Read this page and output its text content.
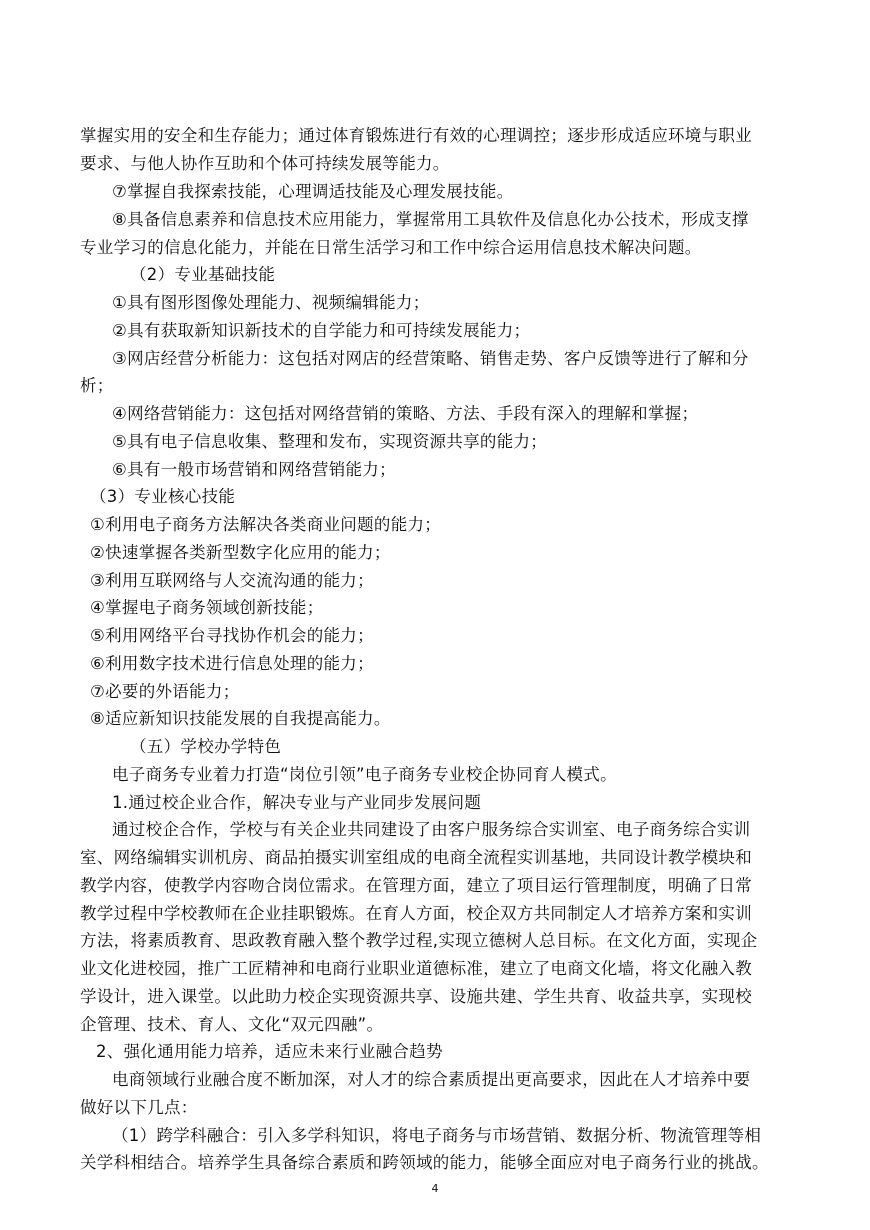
掌握实用的安全和生存能力；通过体育锻炼进行有效的心理调控；逐步形成适应环境与职业
要求、与他人协作互助和个体可持续发展等能力。
⑦掌握自我探索技能，心理调适技能及心理发展技能。
⑧具备信息素养和信息技术应用能力，掌握常用工具软件及信息化办公技术，形成支撑
专业学习的信息化能力，并能在日常生活学习和工作中综合运用信息技术解决问题。
（2）专业基础技能
①具有图形图像处理能力、视频编辑能力；
②具有获取新知识新技术的自学能力和可持续发展能力；
③网店经营分析能力：这包括对网店的经营策略、销售走势、客户反馈等进行了解和分
析；
④网络营销能力：这包括对网络营销的策略、方法、手段有深入的理解和掌握；
⑤具有电子信息收集、整理和发布，实现资源共享的能力；
⑥具有一般市场营销和网络营销能力；
（3）专业核心技能
①利用电子商务方法解决各类商业问题的能力；
②快速掌握各类新型数字化应用的能力；
③利用互联网络与人交流沟通的能力；
④掌握电子商务领域创新技能；
⑤利用网络平台寻找协作机会的能力；
⑥利用数字技术进行信息处理的能力；
⑦必要的外语能力；
⑧适应新知识技能发展的自我提高能力。
（五）学校办学特色
电子商务专业着力打造“岗位引领”电子商务专业校企协同育人模式。
1.通过校企业合作，解决专业与产业同步发展问题
通过校企合作，学校与有关企业共同建设了由客户服务综合实训室、电子商务综合实训
室、网络编辑实训机房、商品拍摄实训室组成的电商全流程实训基地，共同设计教学模块和
教学内容，使教学内容吻合岗位需求。在管理方面，建立了项目运行管理制度，明确了日常
教学过程中学校教师在企业挂职锻炼。在育人方面，校企双方共同制定人才培养方案和实训
方法，将素质教育、思政教育融入整个教学过程,实现立德树人总目标。在文化方面，实现企
业文化进校园，推广工匠精神和电商行业职业道德标准，建立了电商文化墙，将文化融入教
学设计，进入课堂。以此助力校企实现资源共享、设施共建、学生共育、收益共享，实现校
企管理、技术、育人、文化“双元四融”。
2、强化通用能力培养，适应未来行业融合趋势
电商领域行业融合度不断加深，对人才的综合素质提出更高要求，因此在人才培养中要
做好以下几点：
（1）跨学科融合：引入多学科知识，将电子商务与市场营销、数据分析、物流管理等相
关学科相结合。培养学生具备综合素质和跨领域的能力，能够全面应对电子商务行业的挑战。
4
